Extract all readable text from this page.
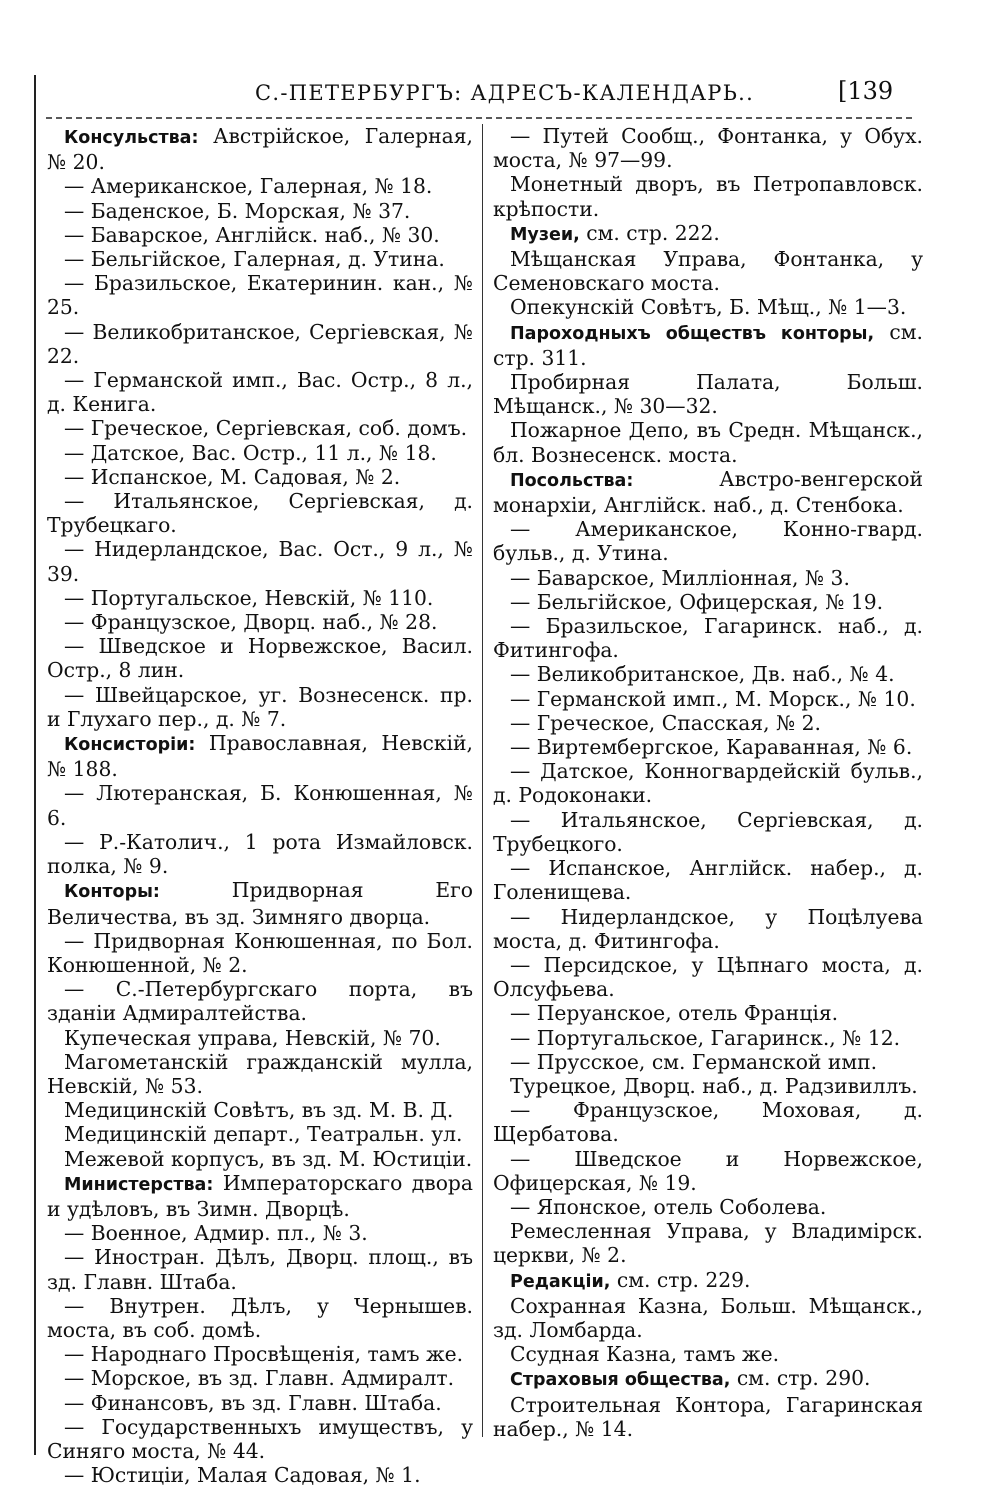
С.-ПЕТЕРБУРГЪ: АДРЕСЪ-КАЛЕНДАРЬ..	[139

Консульства: Австрійское, Галерная, № 20.

— Американское, Галерная, № 18.

— Баденское, Б. Морская, № 37.

— Баварское, Англійск. наб., № 30.

— Бельгійское, Галерная, д. Утина.

— Бразильское, Екатеринин. кан., № 25.

— Великобританское, Сергіевская, № 22.

— Германской имп., Вас. Остр., 8 л., д. Кенига.

— Греческое, Сергіевская, соб. домъ.

— Датское, Вас. Остр., 11 л., № 18.

— Испанское, М. Садовая, № 2.

— Итальянское, Сергіевская, д. Трубецкаго.

— Нидерландское, Вас. Ост., 9 л., № 39.

— Португальское, Невскій, № 110.

— Французское, Дворц. наб., № 28.

— Шведское и Норвежское, Васил. Остр., 8 лин.

— Швейцарское, уг. Вознесенск. пр. и Глухаго пер., д. № 7.

Консисторіи: Православная, Невскій, № 188.

— Лютеранская, Б. Конюшенная, № 6.

— Р.-Католич., 1 рота Измайловск. полка, № 9.

Конторы: Придворная Его Величества, въ зд. Зимняго дворца.

— Придворная Конюшенная, по Бол. Конюшенной, № 2.

— С.-Петербургскаго порта, въ зданіи Адмиралтейства.

Купеческая управа, Невскій, № 70.

Магометанскій гражданскій мулла, Невскій, № 53.

Медицинскій Совѣтъ, въ зд. М. В. Д.

Медицинскій департ., Театральн. ул.

Межевой корпусъ, въ зд. М. Юстиціи.

Министерства: Императорскаго двора и удѣловъ, въ Зимн. Дворцѣ.

— Военное, Адмир. пл., № 3.

— Иностран. Дѣлъ, Дворц. площ., въ зд. Главн. Штаба.

— Внутрен. Дѣлъ, у Чернышев. моста, въ соб. домѣ.

— Народнаго Просвѣщенія, тамъ же.

— Морское, въ зд. Главн. Адмиралт.

— Финансовъ, въ зд. Главн. Штаба.

— Государственныхъ имуществъ, у Синяго моста, № 44.

— Юстиціи, Малая Садовая, № 1.

— Путей Сообщ., Фонтанка, у Обух. моста, № 97—99.

Монетный дворъ, въ Петропавловск. крѣпости.

Музеи, см. стр. 222.

Мѣщанская Управа, Фонтанка, у Семеновскаго моста.

Опекунскій Совѣтъ, Б. Мѣщ., № 1—3.

Пароходныхъ обществъ конторы, см. стр. 311.

Пробирная Палата, Больш. Мѣщанск., № 30—32.

Пожарное Депо, въ Средн. Мѣщанск., бл. Вознесенск. моста.

Посольства: Австро-венгерской монархіи, Англійск. наб., д. Стенбока.

— Американское, Конно-гвард. бульв., д. Утина.

— Баварское, Милліонная, № 3.

— Бельгійское, Офицерская, № 19.

— Бразильское, Гагаринск. наб., д. Фитингофа.

— Великобританское, Дв. наб., № 4.

— Германской имп., М. Морск., № 10.

— Греческое, Спасская, № 2.

— Виртембергское, Караванная, № 6.

— Датское, Конногвардейскій бульв., д. Родоконаки.

— Итальянское, Сергіевская, д. Трубецкого.

— Испанское, Англійск. набер., д. Голенищева.

— Нидерландское, у Поцѣлуева моста, д. Фитингофа.

— Персидское, у Цѣпнаго моста, д. Олсуфьева.

— Перуанское, отель Франція.

— Португальское, Гагаринск., № 12.

— Прусское, см. Германской имп.

Турецкое, Дворц. наб., д. Радзивиллъ.

— Французское, Моховая, д. Щербатова.

— Шведское и Норвежское, Офицерская, № 19.

— Японское, отель Соболева.

Ремесленная Управа, у Владимірск. церкви, № 2.

Редакціи, см. стр. 229.

Сохранная Казна, Больш. Мѣщанск., зд. Ломбарда.

Ссудная Казна, тамъ же.

Страховыя общества, см. стр. 290.

Строительная Контора, Гагаринская набер., № 14.
